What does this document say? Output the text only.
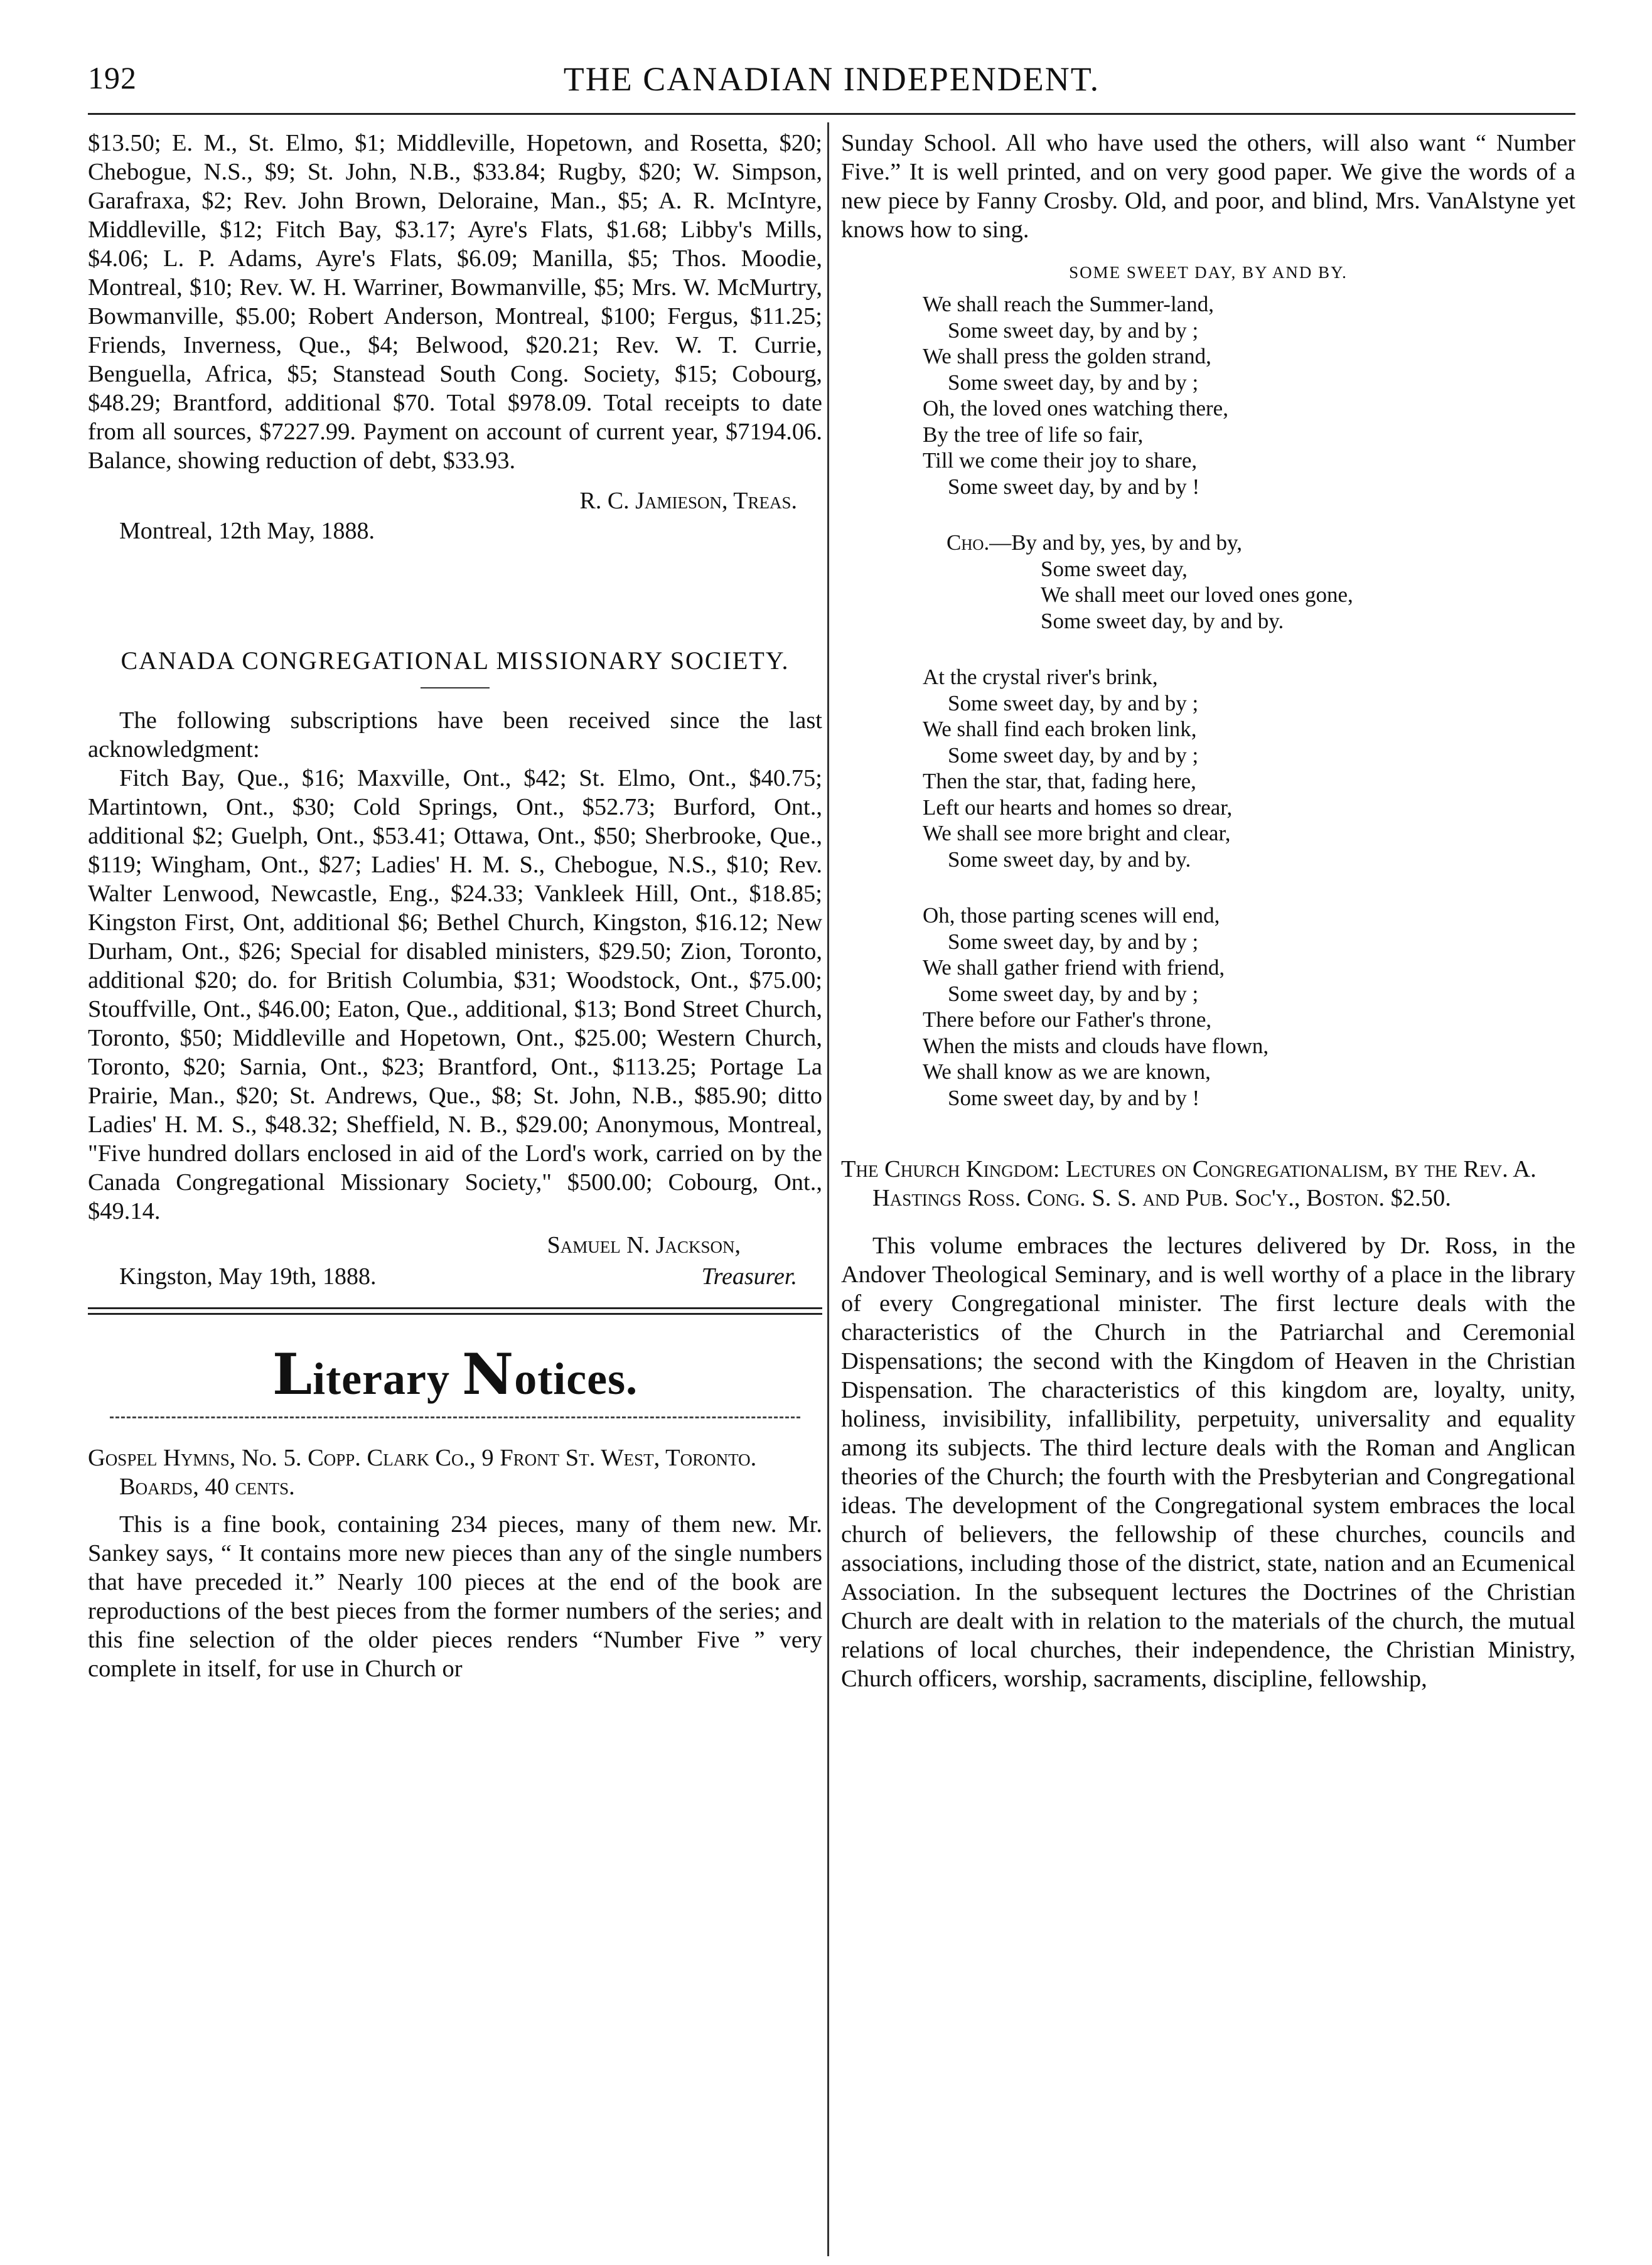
THE CANADIAN INDEPENDENT.
192

$13.50; E. M., St. Elmo, $1; Middleville, Hopetown, and Rosetta, $20; Chebogue, N.S., $9; St. John, N.B., $33.84; Rugby, $20; W. Simpson, Garafraxa, $2; Rev. John Brown, Deloraine, Man., $5; A. R. McIntyre, Middleville, $12; Fitch Bay, $3.17; Ayre's Flats, $1.68; Libby's Mills, $4.06; L. P. Adams, Ayre's Flats, $6.09; Manilla, $5; Thos. Moodie, Montreal, $10; Rev. W. H. Warriner, Bowmanville, $5; Mrs. W. McMurtry, Bowmanville, $5.00; Robert Anderson, Montreal, $100; Fergus, $11.25; Friends, Inverness, Que., $4; Belwood, $20.21; Rev. W. T. Currie, Benguella, Africa, $5; Stanstead South Cong. Society, $15; Cobourg, $48.29; Brantford, additional $70. Total $978.09. Total receipts to date from all sources, $7227.99. Payment on account of current year, $7194.06. Balance, showing reduction of debt, $33.93.

R. C. Jamieson, Treas.
Montreal, 12th May, 1888.
CANADA CONGREGATIONAL MISSIONARY SOCIETY.

The following subscriptions have been received since the last acknowledgment:

Fitch Bay, Que., $16; Maxville, Ont., $42; St. Elmo, Ont., $40.75; Martintown, Ont., $30; Cold Springs, Ont., $52.73; Burford, Ont., additional $2; Guelph, Ont., $53.41; Ottawa, Ont., $50; Sherbrooke, Que., $119; Wingham, Ont., $27; Ladies' H. M. S., Chebogue, N.S., $10; Rev. Walter Lenwood, Newcastle, Eng., $24.33; Vankleek Hill, Ont., $18.85; Kingston First, Ont, additional $6; Bethel Church, Kingston, $16.12; New Durham, Ont., $26; Special for disabled ministers, $29.50; Zion, Toronto, additional $20; do. for British Columbia, $31; Woodstock, Ont., $75.00; Stouffville, Ont., $46.00; Eaton, Que., additional, $13; Bond Street Church, Toronto, $50; Middleville and Hopetown, Ont., $25.00; Western Church, Toronto, $20; Sarnia, Ont., $23; Brantford, Ont., $113.25; Portage La Prairie, Man., $20; St. Andrews, Que., $8; St. John, N.B., $85.90; ditto Ladies' H. M. S., $48.32; Sheffield, N. B., $29.00; Anonymous, Montreal, "Five hundred dollars enclosed in aid of the Lord's work, carried on by the Canada Congregational Missionary Society," $500.00; Cobourg, Ont., $49.14.

Samuel N. Jackson,
Kingston, May 19th, 1888.	Treasurer.
Literary Notices.

Gospel Hymns, No. 5. Copp. Clark Co., 9 Front St. West, Toronto. Boards, 40 cents.

This is a fine book, containing 234 pieces, many of them new. Mr. Sankey says, “ It contains more new pieces than any of the single numbers that have preceded it.” Nearly 100 pieces at the end of the book are reproductions of the best pieces from the former numbers of the series; and this fine selection of the older pieces renders “Number Five ” very complete in itself, for use in Church or

Sunday School. All who have used the others, will also want “ Number Five.” It is well printed, and on very good paper. We give the words of a new piece by Fanny Crosby. Old, and poor, and blind, Mrs. VanAlstyne yet knows how to sing.

SOME SWEET DAY, BY AND BY.
We shall reach the Summer-land,
Some sweet day, by and by ;
We shall press the golden strand,
Some sweet day, by and by ;
Oh, the loved ones watching there,
By the tree of life so fair,
Till we come their joy to share,
Some sweet day, by and by !
Cho.—By and by, yes, by and by,
Some sweet day,
We shall meet our loved ones gone,
Some sweet day, by and by.
At the crystal river's brink,
Some sweet day, by and by ;
We shall find each broken link,
Some sweet day, by and by ;
Then the star, that, fading here,
Left our hearts and homes so drear,
We shall see more bright and clear,
Some sweet day, by and by.
Oh, those parting scenes will end,
Some sweet day, by and by ;
We shall gather friend with friend,
Some sweet day, by and by ;
There before our Father's throne,
When the mists and clouds have flown,
We shall know as we are known,
Some sweet day, by and by !

The Church Kingdom: Lectures on Congregationalism, by the Rev. A. Hastings Ross. Cong. S. S. and Pub. Soc'y., Boston. $2.50.

This volume embraces the lectures delivered by Dr. Ross, in the Andover Theological Seminary, and is well worthy of a place in the library of every Congregational minister. The first lecture deals with the characteristics of the Church in the Patriarchal and Ceremonial Dispensations; the second with the Kingdom of Heaven in the Christian Dispensation. The characteristics of this kingdom are, loyalty, unity, holiness, invisibility, infallibility, perpetuity, universality and equality among its subjects. The third lecture deals with the Roman and Anglican theories of the Church; the fourth with the Presbyterian and Congregational ideas. The development of the Congregational system embraces the local church of believers, the fellowship of these churches, councils and associations, including those of the district, state, nation and an Ecumenical Association. In the subsequent lectures the Doctrines of the Christian Church are dealt with in relation to the materials of the church, the mutual relations of local churches, their independence, the Christian Ministry, Church officers, worship, sacraments, discipline, fellowship,
